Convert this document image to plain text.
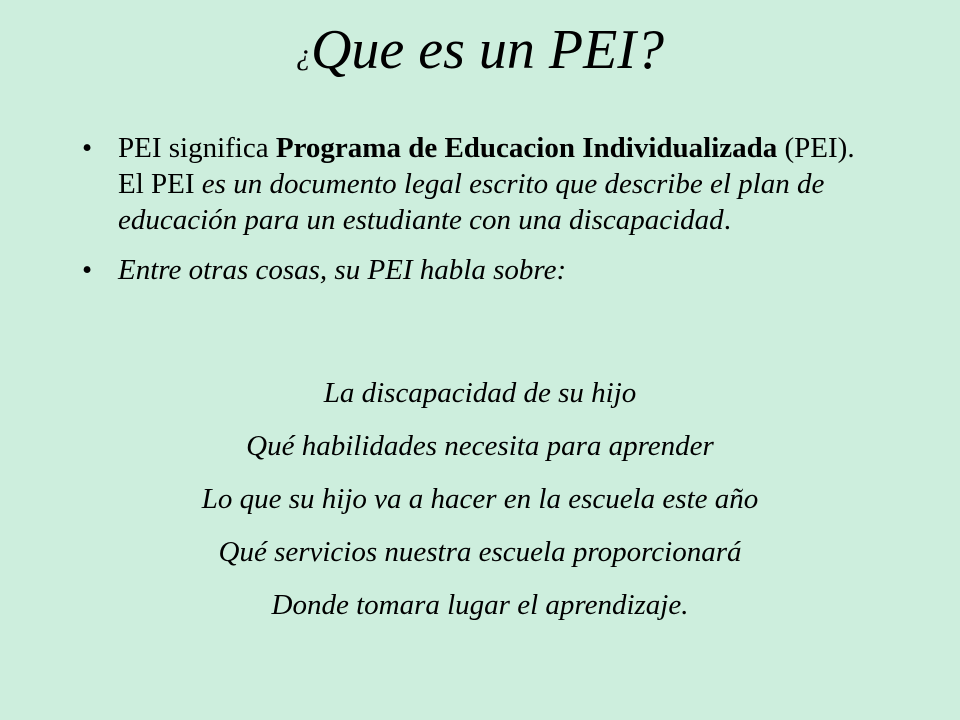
¿Que es un PEI?
• PEI significa Programa de Educacion Individualizada (PEI). El PEI es un documento legal escrito que describe el plan de educación para un estudiante con una discapacidad.
• Entre otras cosas, su PEI habla sobre:
La discapacidad de su hijo
Qué habilidades necesita para aprender
Lo que su hijo va a hacer en la escuela este año
Qué servicios nuestra escuela proporcionará
Donde tomara lugar el aprendizaje.
